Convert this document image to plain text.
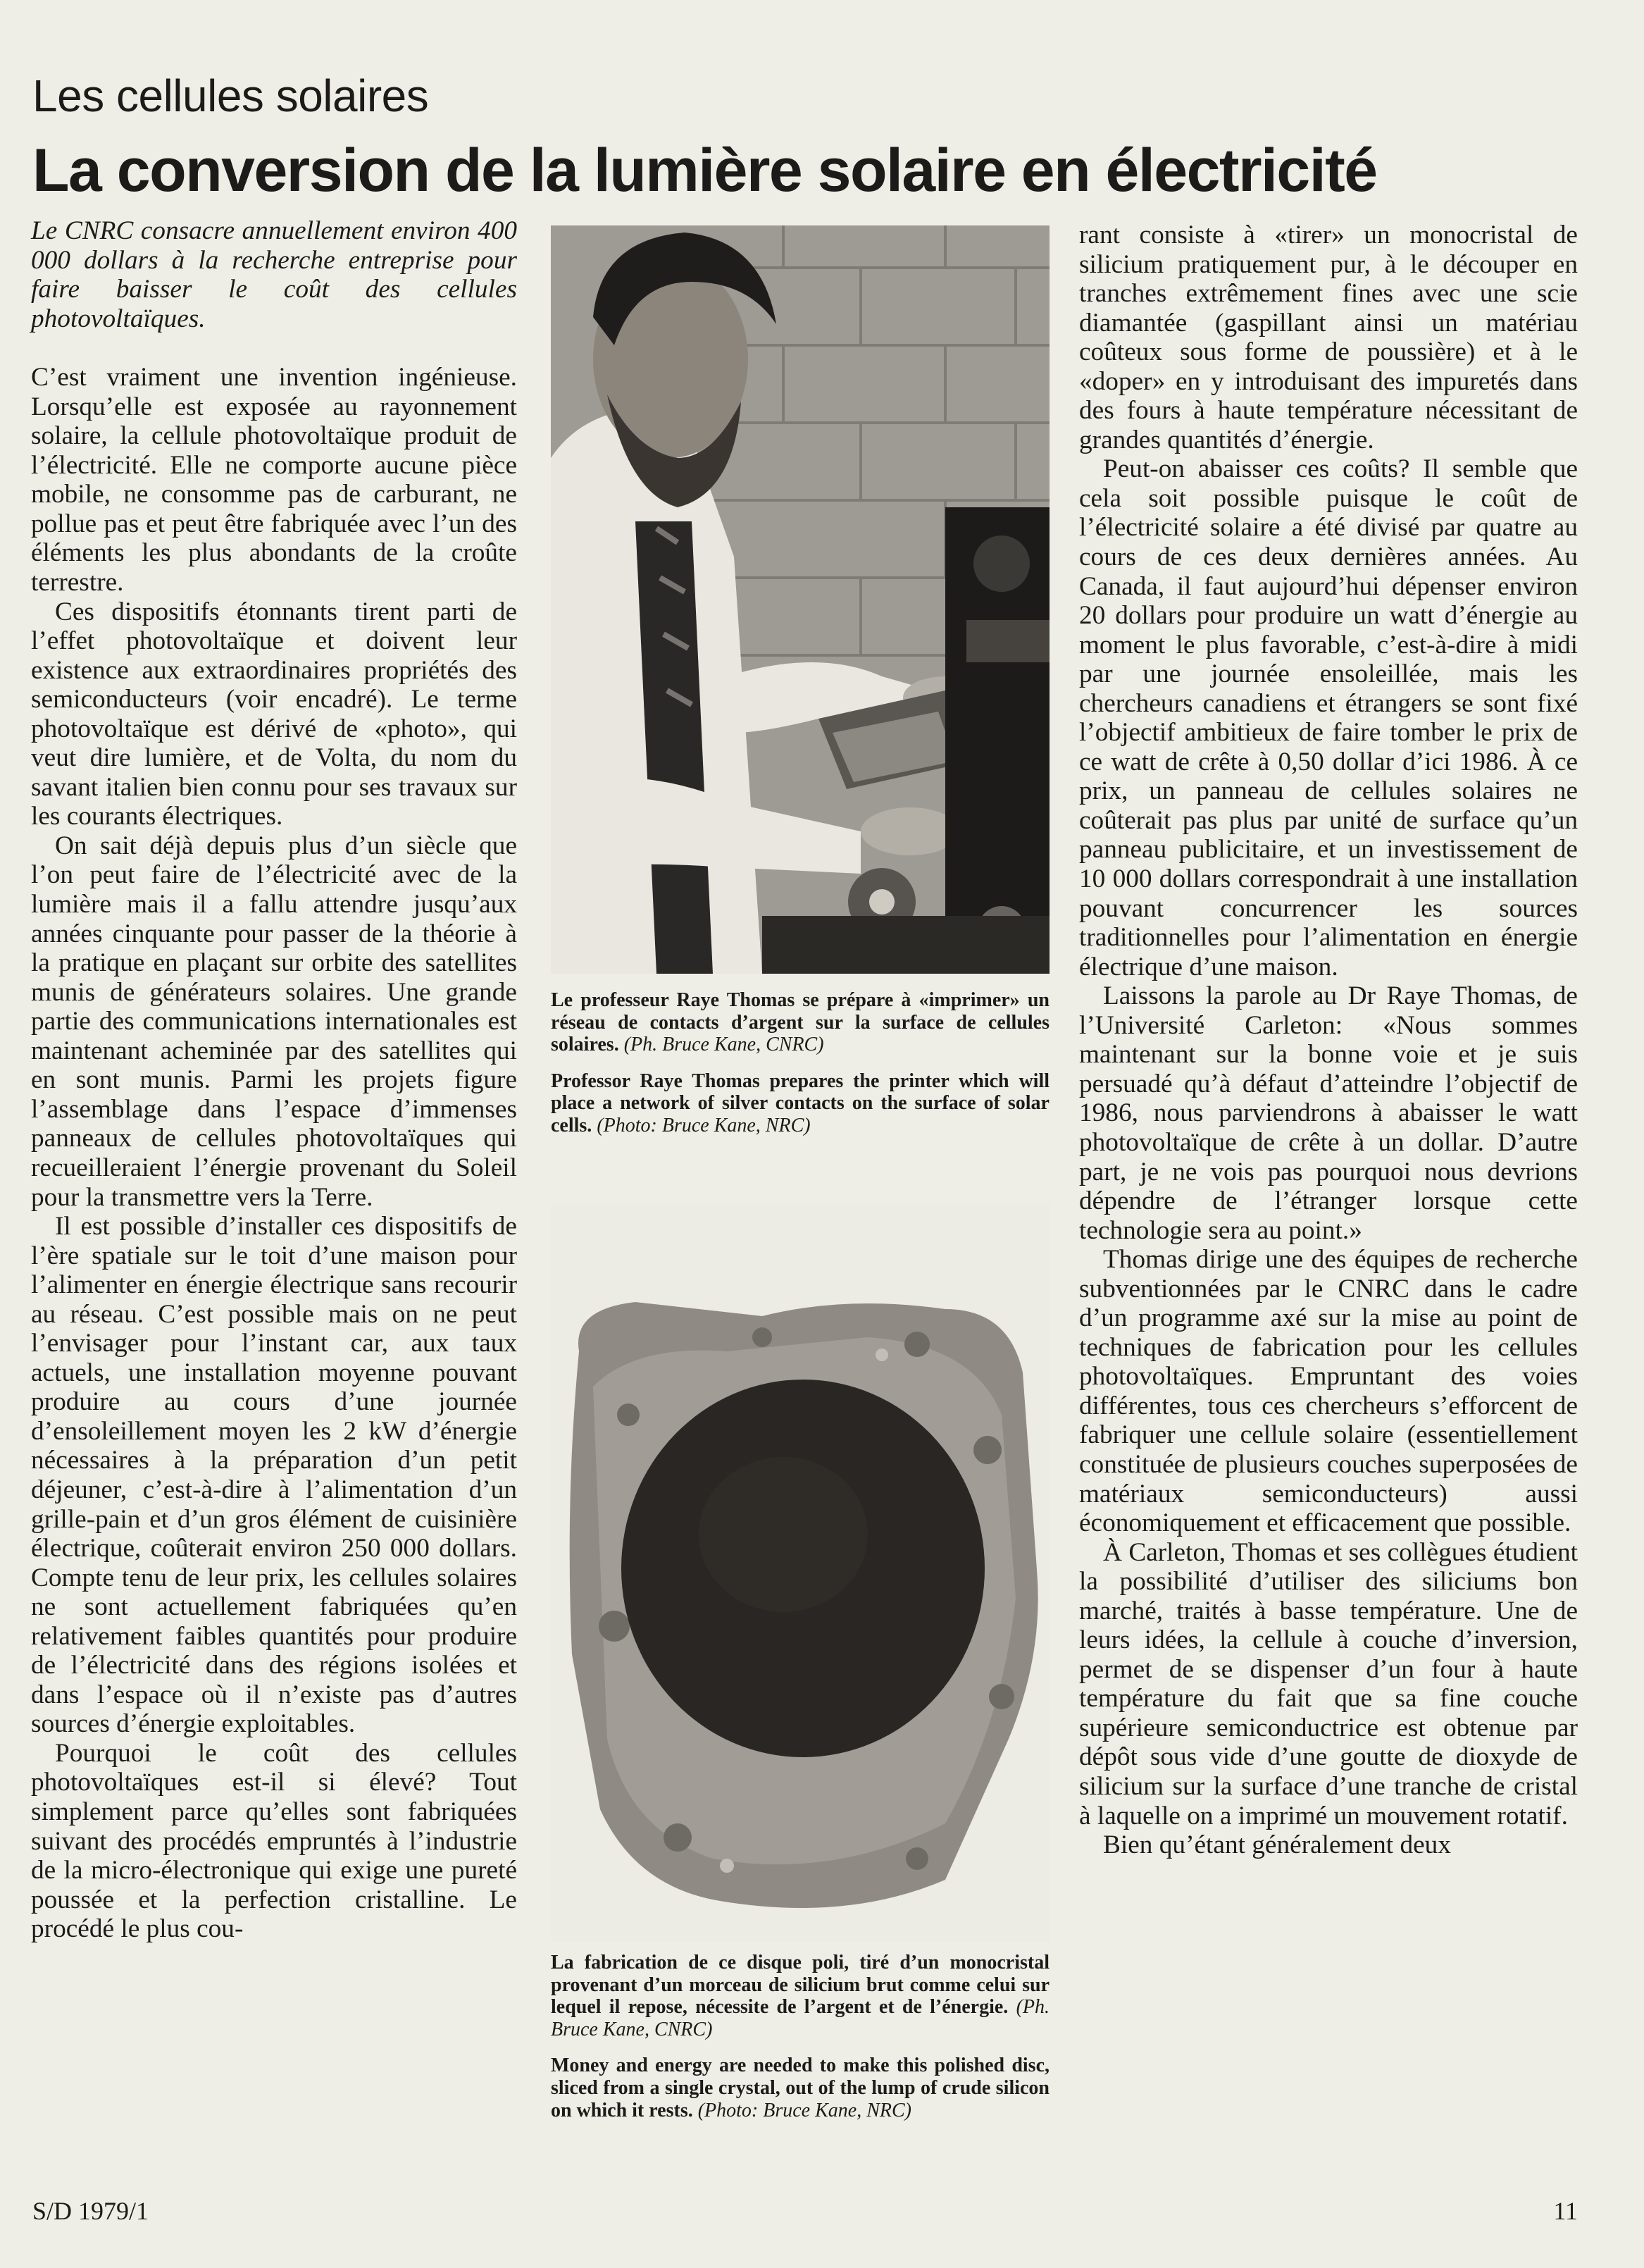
Les cellules solaires
La conversion de la lumière solaire en électricité

Le CNRC consacre annuellement environ 400 000 dollars à la recherche entreprise pour faire baisser le coût des cellules photovoltaïques.

C’est vraiment une invention ingénieuse. Lorsqu’elle est exposée au rayonnement solaire, la cellule photovoltaïque produit de l’électricité. Elle ne comporte aucune pièce mobile, ne consomme pas de carburant, ne pollue pas et peut être fabriquée avec l’un des éléments les plus abondants de la croûte terrestre.

Ces dispositifs étonnants tirent parti de l’effet photovoltaïque et doivent leur existence aux extraordinaires propriétés des semiconducteurs (voir encadré). Le terme photovoltaïque est dérivé de «photo», qui veut dire lumière, et de Volta, du nom du savant italien bien connu pour ses travaux sur les courants électriques.

On sait déjà depuis plus d’un siècle que l’on peut faire de l’électricité avec de la lumière mais il a fallu attendre jusqu’aux années cinquante pour passer de la théorie à la pratique en plaçant sur orbite des satellites munis de générateurs solaires. Une grande partie des communications internationales est maintenant acheminée par des satellites qui en sont munis. Parmi les projets figure l’assemblage dans l’espace d’immenses panneaux de cellules photovoltaïques qui recueilleraient l’énergie provenant du Soleil pour la transmettre vers la Terre.

Il est possible d’installer ces dispositifs de l’ère spatiale sur le toit d’une maison pour l’alimenter en énergie électrique sans recourir au réseau. C’est possible mais on ne peut l’envisager pour l’instant car, aux taux actuels, une installation moyenne pouvant produire au cours d’une journée d’ensoleillement moyen les 2 kW d’énergie nécessaires à la préparation d’un petit déjeuner, c’est-à-dire à l’alimentation d’un grille-pain et d’un gros élément de cuisinière électrique, coûterait environ 250 000 dollars. Compte tenu de leur prix, les cellules solaires ne sont actuellement fabriquées qu’en relativement faibles quantités pour produire de l’électricité dans des régions isolées et dans l’espace où il n’existe pas d’autres sources d’énergie exploitables.

Pourquoi le coût des cellules photovoltaïques est-il si élevé? Tout simplement parce qu’elles sont fabriquées suivant des procédés empruntés à l’industrie de la micro-électronique qui exige une pureté poussée et la perfection cristalline. Le procédé le plus cou-

Le professeur Raye Thomas se prépare à «imprimer» un réseau de contacts d’argent sur la surface de cellules solaires. (Ph. Bruce Kane, CNRC)

Professor Raye Thomas prepares the printer which will place a network of silver contacts on the surface of solar cells. (Photo: Bruce Kane, NRC)

La fabrication de ce disque poli, tiré d’un monocristal provenant d’un morceau de silicium brut comme celui sur lequel il repose, nécessite de l’argent et de l’énergie. (Ph. Bruce Kane, CNRC)

Money and energy are needed to make this polished disc, sliced from a single crystal, out of the lump of crude silicon on which it rests. (Photo: Bruce Kane, NRC)

rant consiste à «tirer» un monocristal de silicium pratiquement pur, à le découper en tranches extrêmement fines avec une scie diamantée (gaspillant ainsi un matériau coûteux sous forme de poussière) et à le «doper» en y introduisant des impuretés dans des fours à haute température nécessitant de grandes quantités d’énergie.

Peut-on abaisser ces coûts? Il semble que cela soit possible puisque le coût de l’électricité solaire a été divisé par quatre au cours de ces deux dernières années. Au Canada, il faut aujourd’hui dépenser environ 20 dollars pour produire un watt d’énergie au moment le plus favorable, c’est-à-dire à midi par une journée ensoleillée, mais les chercheurs canadiens et étrangers se sont fixé l’objectif ambitieux de faire tomber le prix de ce watt de crête à 0,50 dollar d’ici 1986. À ce prix, un panneau de cellules solaires ne coûterait pas plus par unité de surface qu’un panneau publicitaire, et un investissement de 10 000 dollars correspondrait à une installation pouvant concurrencer les sources traditionnelles pour l’alimentation en énergie électrique d’une maison.

Laissons la parole au Dr Raye Thomas, de l’Université Carleton: «Nous sommes maintenant sur la bonne voie et je suis persuadé qu’à défaut d’atteindre l’objectif de 1986, nous parviendrons à abaisser le watt photovoltaïque de crête à un dollar. D’autre part, je ne vois pas pourquoi nous devrions dépendre de l’étranger lorsque cette technologie sera au point.»

Thomas dirige une des équipes de recherche subventionnées par le CNRC dans le cadre d’un programme axé sur la mise au point de techniques de fabrication pour les cellules photovoltaïques. Empruntant des voies différentes, tous ces chercheurs s’efforcent de fabriquer une cellule solaire (essentiellement constituée de plusieurs couches superposées de matériaux semiconducteurs) aussi économiquement et efficacement que possible.

À Carleton, Thomas et ses collègues étudient la possibilité d’utiliser des siliciums bon marché, traités à basse température. Une de leurs idées, la cellule à couche d’inversion, permet de se dispenser d’un four à haute température du fait que sa fine couche supérieure semiconductrice est obtenue par dépôt sous vide d’une goutte de dioxyde de silicium sur la surface d’une tranche de cristal à laquelle on a imprimé un mouvement rotatif.

Bien qu’étant généralement deux

S/D 1979/1	11
